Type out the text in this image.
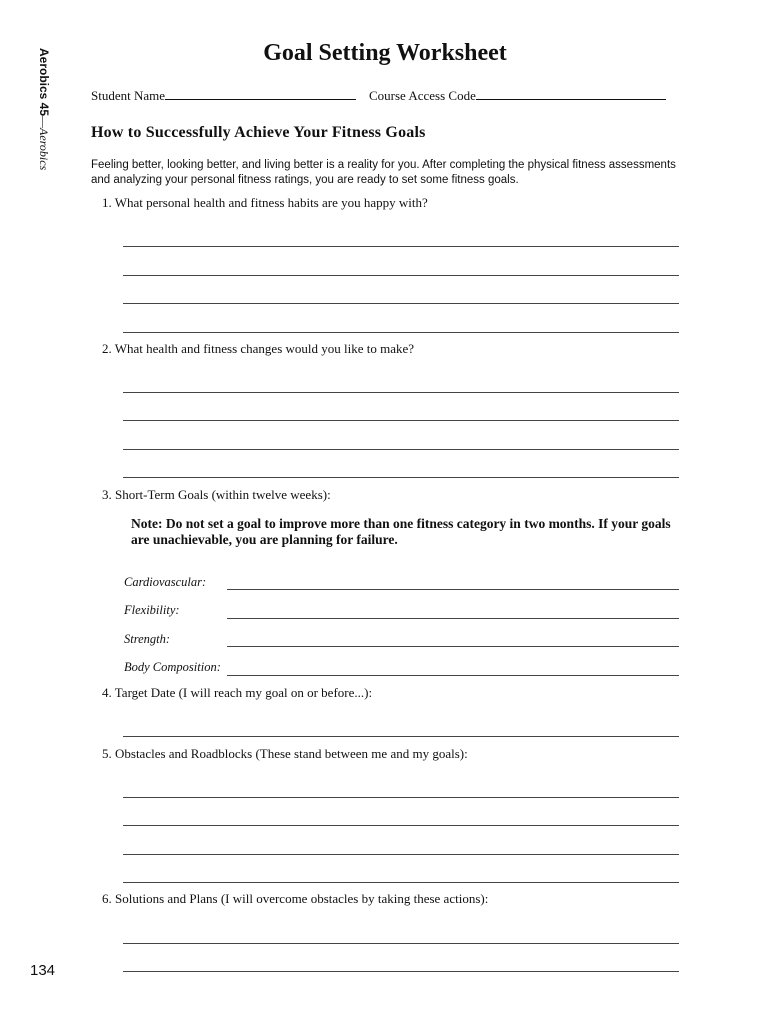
Aerobics 45—Aerobics
Goal Setting Worksheet
Student Name	Course Access Code
How to Successfully Achieve Your Fitness Goals
Feeling better, looking better, and living better is a reality for you. After completing the physical fitness assessments and analyzing your personal fitness ratings, you are ready to set some fitness goals.
1. What personal health and fitness habits are you happy with?
2. What health and fitness changes would you like to make?
3. Short-Term Goals (within twelve weeks):
Note: Do not set a goal to improve more than one fitness category in two months. If your goals are unachievable, you are planning for failure.
Cardiovascular:
Flexibility:
Strength:
Body Composition:
4. Target Date (I will reach my goal on or before...):
5. Obstacles and Roadblocks (These stand between me and my goals):
6. Solutions and Plans (I will overcome obstacles by taking these actions):
134
